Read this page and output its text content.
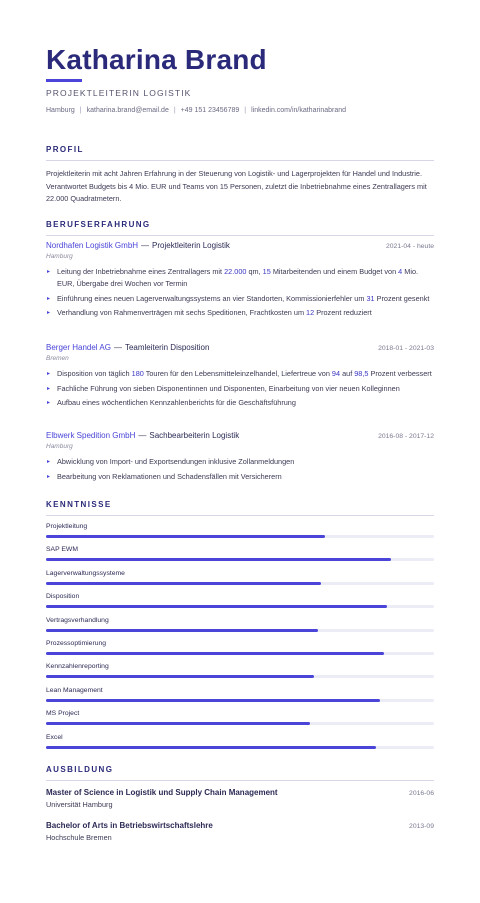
Katharina Brand
PROJEKTLEITERIN LOGISTIK
Hamburg | katharina.brand@email.de | +49 151 23456789 | linkedin.com/in/katharinabrand
PROFIL
Projektleiterin mit acht Jahren Erfahrung in der Steuerung von Logistik- und Lagerprojekten für Handel und Industrie. Verantwortet Budgets bis 4 Mio. EUR und Teams von 15 Personen, zuletzt die Inbetriebnahme eines Zentrallagers mit 22.000 Quadratmetern.
BERUFSERFAHRUNG
Nordhafen Logistik GmbH — Projektleiterin Logistik	2021-04 - heute
Hamburg
▸ Leitung der Inbetriebnahme eines Zentrallagers mit 22.000 qm, 15 Mitarbeitenden und einem Budget von 4 Mio. EUR, Übergabe drei Wochen vor Termin
▸ Einführung eines neuen Lagerverwaltungssystems an vier Standorten, Kommissionierfehler um 31 Prozent gesenkt
▸ Verhandlung von Rahmenverträgen mit sechs Speditionen, Frachtkosten um 12 Prozent reduziert
Berger Handel AG — Teamleiterin Disposition	2018-01 - 2021-03
Bremen
▸ Disposition von täglich 180 Touren für den Lebensmitteleinzelhandel, Liefertreue von 94 auf 98,5 Prozent verbessert
▸ Fachliche Führung von sieben Disponentinnen und Disponenten, Einarbeitung von vier neuen Kolleginnen
▸ Aufbau eines wöchentlichen Kennzahlenberichts für die Geschäftsführung
Elbwerk Spedition GmbH — Sachbearbeiterin Logistik	2016-08 - 2017-12
Hamburg
▸ Abwicklung von Import- und Exportsendungen inklusive Zollanmeldungen
▸ Bearbeitung von Reklamationen und Schadensfällen mit Versicherern
KENNTNISSE
Projektleitung
SAP EWM
Lagerverwaltungssysteme
Disposition
Vertragsverhandlung
Prozessoptimierung
Kennzahlenreporting
Lean Management
MS Project
Excel
AUSBILDUNG
Master of Science in Logistik und Supply Chain Management	2016-06
Universität Hamburg
Bachelor of Arts in Betriebswirtschaftslehre	2013-09
Hochschule Bremen
